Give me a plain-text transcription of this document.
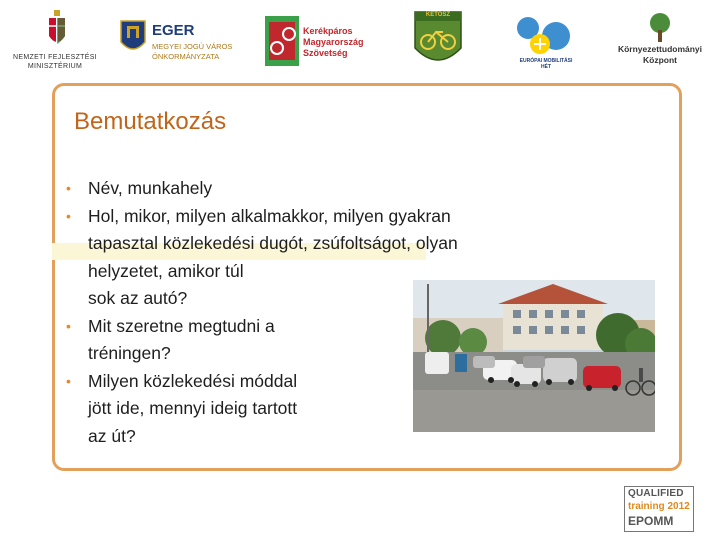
NEMZETI FEJLESZTÉSI
MINISZTÉRIUM
EGER
MEGYEI JOGÚ VÁROS
ÖNKORMÁNYZATA
Kerékpáros
Magyarország
Szövetség
KETOSZ
EURÓPAI MOBILITÁSI HÉT
Környezettudományi
Központ
Bemutatkozás
• Név, munkahely
• Hol, mikor, milyen alkalmakkor, milyen gyakran
tapasztal közlekedési dugót, zsúfoltságot, olyan
helyzetet, amikor túl
sok az autó?
• Mit szeretne megtudni a
tréningen?
• Milyen közlekedési móddal
jött ide, mennyi ideig tartott
az út?
QUALIFIED
training 2012
EPOMM
